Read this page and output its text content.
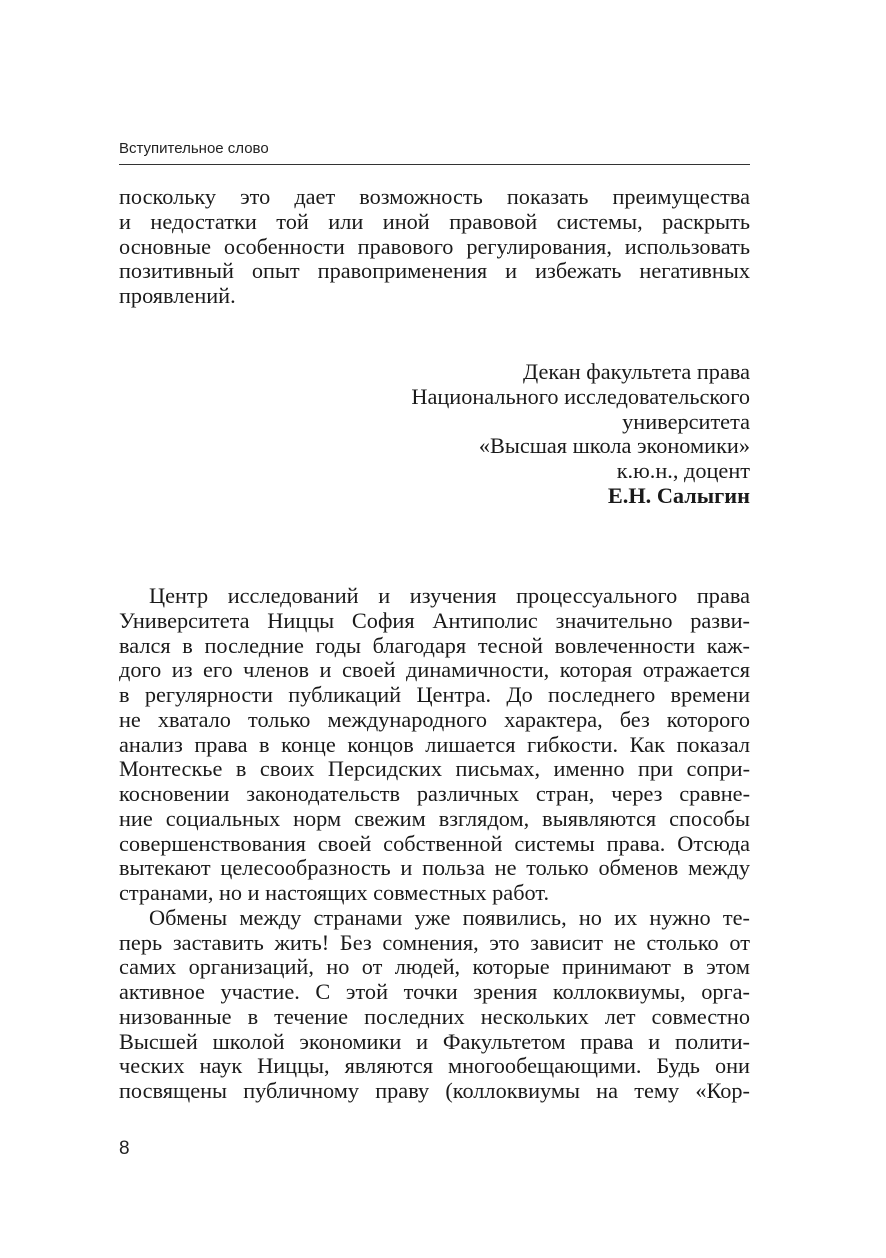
Вступительное слово
поскольку это дает возможность показать преимущества
и недостатки той или иной правовой системы, раскрыть
основные особенности правового регулирования, использовать
позитивный опыт правоприменения и избежать негативных
проявлений.
Декан факультета права
Национального исследовательского
университета
«Высшая школа экономики»
к.ю.н., доцент
Е.Н. Салыгин
Центр исследований и изучения процессуального права
Университета Ниццы София Антиполис значительно разви-
вался в последние годы благодаря тесной вовлеченности каж-
дого из его членов и своей динамичности, которая отражается
в регулярности публикаций Центра. До последнего времени
не хватало только международного характера, без которого
анализ права в конце концов лишается гибкости. Как показал
Монтескье в своих Персидских письмах, именно при сопри-
косновении законодательств различных стран, через сравне-
ние социальных норм свежим взглядом, выявляются способы
совершенствования своей собственной системы права. Отсюда
вытекают целесообразность и польза не только обменов между
странами, но и настоящих совместных работ.
Обмены между странами уже появились, но их нужно те-
перь заставить жить! Без сомнения, это зависит не столько от
самих организаций, но от людей, которые принимают в этом
активное участие. С этой точки зрения коллоквиумы, орга-
низованные в течение последних нескольких лет совместно
Высшей школой экономики и Факультетом права и полити-
ческих наук Ниццы, являются многообещающими. Будь они
посвящены публичному праву (коллоквиумы на тему «Кор-
8
